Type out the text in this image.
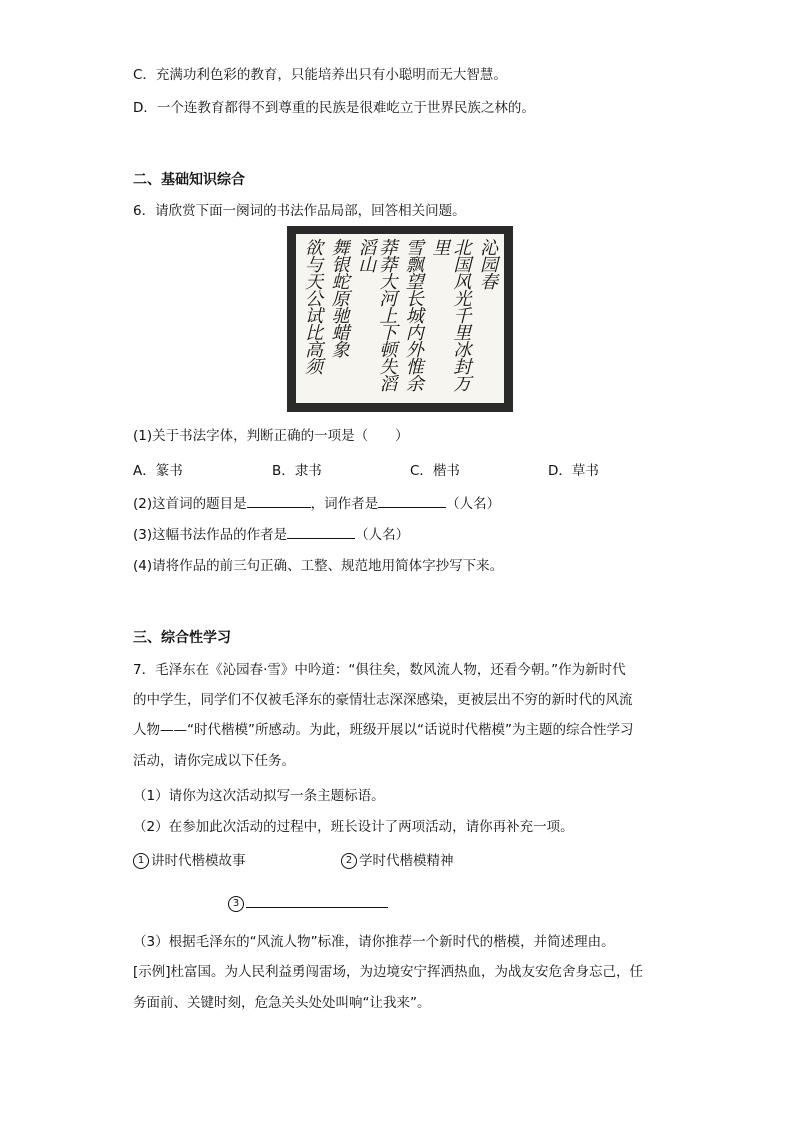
C．充满功利色彩的教育，只能培养出只有小聪明而无大智慧。
D．一个连教育都得不到尊重的民族是很难屹立于世界民族之林的。
二、基础知识综合
6．请欣赏下面一阕词的书法作品局部，回答相关问题。
沁园春
北国风光千里冰封万里
雪飘望长城内外惟余
莽莽大河上下顿失滔滔山
舞银蛇原驰蜡象
欲与天公试比高须
(1)关于书法字体，判断正确的一项是（　　）
A．篆书	B．隶书	C．楷书	D．草书
(2)这首词的题目是	，词作者是	（人名）
(3)这幅书法作品的作者是	（人名）
(4)请将作品的前三句正确、工整、规范地用简体字抄写下来。
三、综合性学习
7．毛泽东在《沁园春·雪》中吟道：“俱往矣，数风流人物，还看今朝。”作为新时代
的中学生，同学们不仅被毛泽东的豪情壮志深深感染，更被层出不穷的新时代的风流
人物——“时代楷模”所感动。为此，班级开展以“话说时代楷模”为主题的综合性学习
活动，请你完成以下任务。
（1）请你为这次活动拟写一条主题标语。
（2）在参加此次活动的过程中，班长设计了两项活动，请你再补充一项。
1 讲时代楷模故事	2 学时代楷模精神
3
（3）根据毛泽东的“风流人物”标准，请你推荐一个新时代的楷模，并简述理由。
[示例]杜富国。为人民利益勇闯雷场，为边境安宁挥洒热血，为战友安危舍身忘己，任
务面前、关键时刻，危急关头处处叫响“让我来”。
